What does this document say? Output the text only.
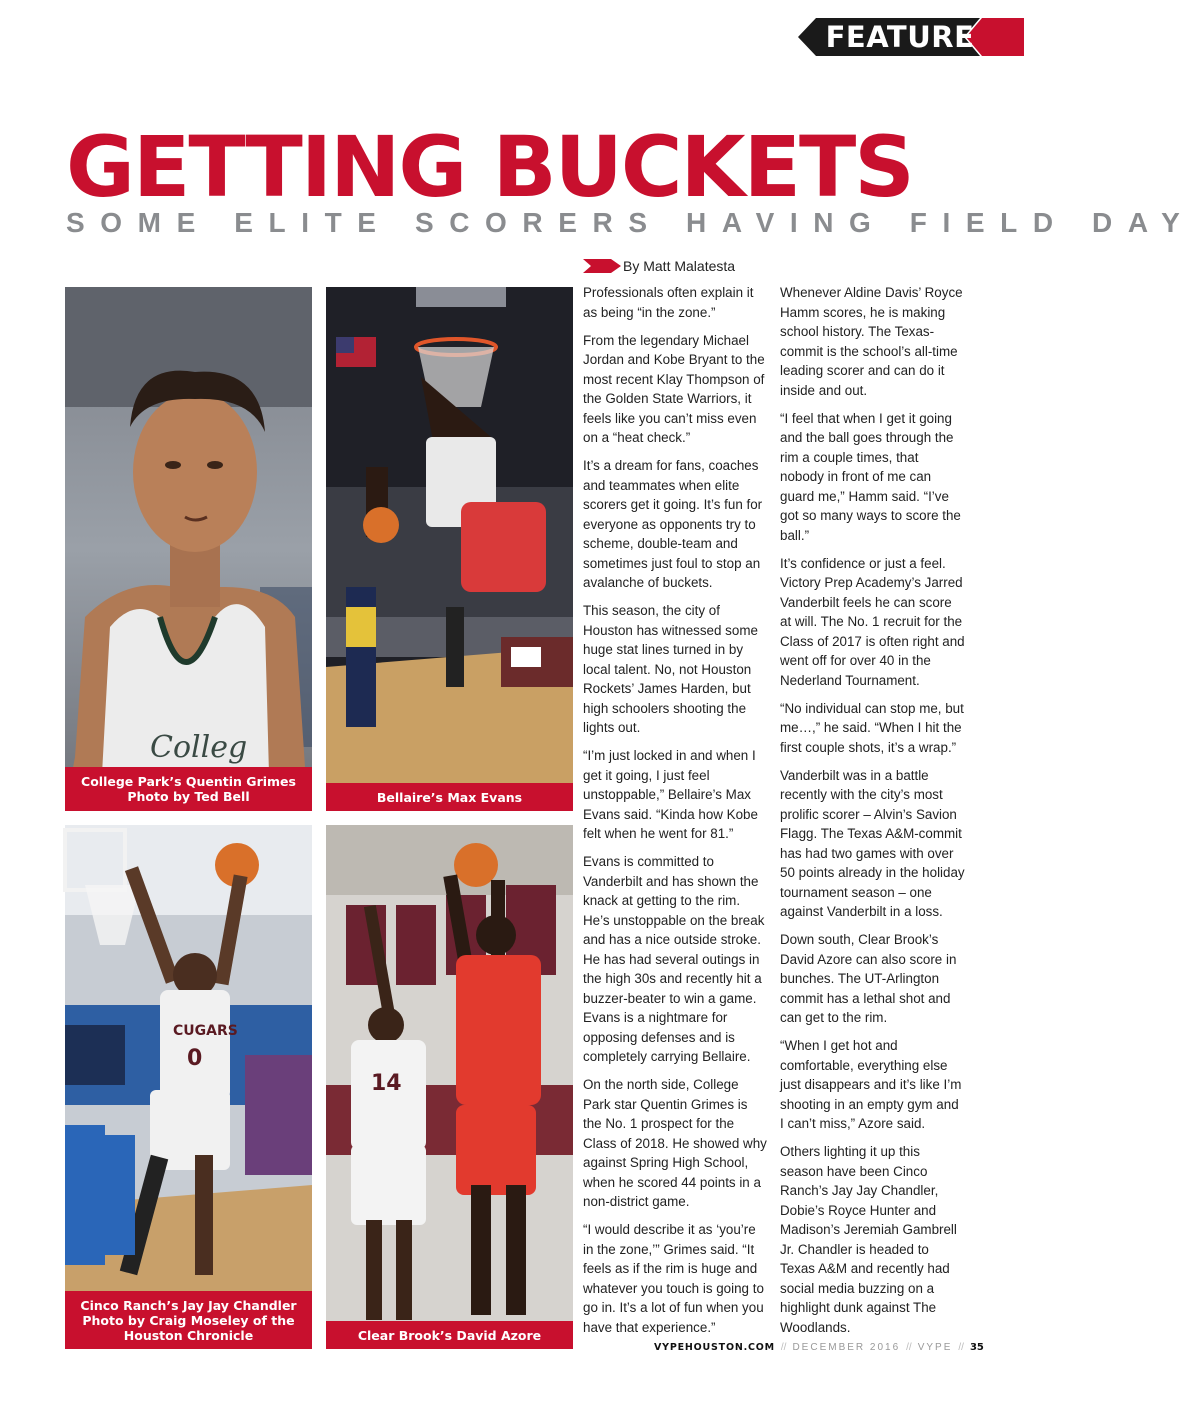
FEATURE
GETTING BUCKETS
SOME ELITE SCORERS HAVING FIELD DAY
By Matt Malatesta
Colleg
College Park’s Quentin Grimes
Photo by Ted Bell	Bellaire’s Max Evans
CUGARS
0
Cinco Ranch’s Jay Jay Chandler
Photo by Craig Moseley of the
Houston Chronicle
14
Clear Brook’s David Azore

Professionals often explain it as being “in the zone.”

From the legendary Michael Jordan and Kobe Bryant to the most recent Klay Thompson of the Golden State Warriors, it feels like you can’t miss even on a “heat check.”

It’s a dream for fans, coaches and teammates when elite scorers get it going. It’s fun for everyone as opponents try to scheme, double-team and sometimes just foul to stop an avalanche of buckets.

This season, the city of Houston has witnessed some huge stat lines turned in by local talent. No, not Houston Rockets’ James Harden, but high schoolers shooting the lights out.

“I’m just locked in and when I get it going, I just feel unstoppable,” Bellaire’s Max Evans said. “Kinda how Kobe felt when he went for 81.”

Evans is committed to Vanderbilt and has shown the knack at getting to the rim. He’s unstoppable on the break and has a nice outside stroke. He has had several outings in the high 30s and recently hit a buzzer-beater to win a game. Evans is a nightmare for opposing defenses and is completely carrying Bellaire.

On the north side, College Park star Quentin Grimes is the No. 1 prospect for the Class of 2018. He showed why against Spring High School, when he scored 44 points in a non-district game.

“I would describe it as ‘you’re in the zone,’” Grimes said. “It feels as if the rim is huge and whatever you touch is going to go in. It’s a lot of fun when you have that experience.”

Whenever Aldine Davis’ Royce Hamm scores, he is making school history. The Texas-commit is the school’s all-time leading scorer and can do it inside and out.

“I feel that when I get it going and the ball goes through the rim a couple times, that nobody in front of me can guard me,” Hamm said. “I’ve got so many ways to score the ball.”

It’s confidence or just a feel. Victory Prep Academy’s Jarred Vanderbilt feels he can score at will. The No. 1 recruit for the Class of 2017 is often right and went off for over 40 in the Nederland Tournament.

“No individual can stop me, but me…,” he said. “When I hit the first couple shots, it’s a wrap.”

Vanderbilt was in a battle recently with the city’s most prolific scorer – Alvin’s Savion Flagg. The Texas A&M-commit has had two games with over 50 points already in the holiday tournament season – one against Vanderbilt in a loss.

Down south, Clear Brook’s David Azore can also score in bunches. The UT-Arlington commit has a lethal shot and can get to the rim.

“When I get hot and comfortable, everything else just disappears and it’s like I’m shooting in an empty gym and I can’t miss,” Azore said.

Others lighting it up this season have been Cinco Ranch’s Jay Jay Chandler, Dobie’s Royce Hunter and Madison’s Jeremiah Gambrell Jr. Chandler is headed to Texas A&M and recently had social media buzzing on a highlight dunk against The Woodlands.

VYPEHOUSTON.COM // DECEMBER 2016 // VYPE // 35
